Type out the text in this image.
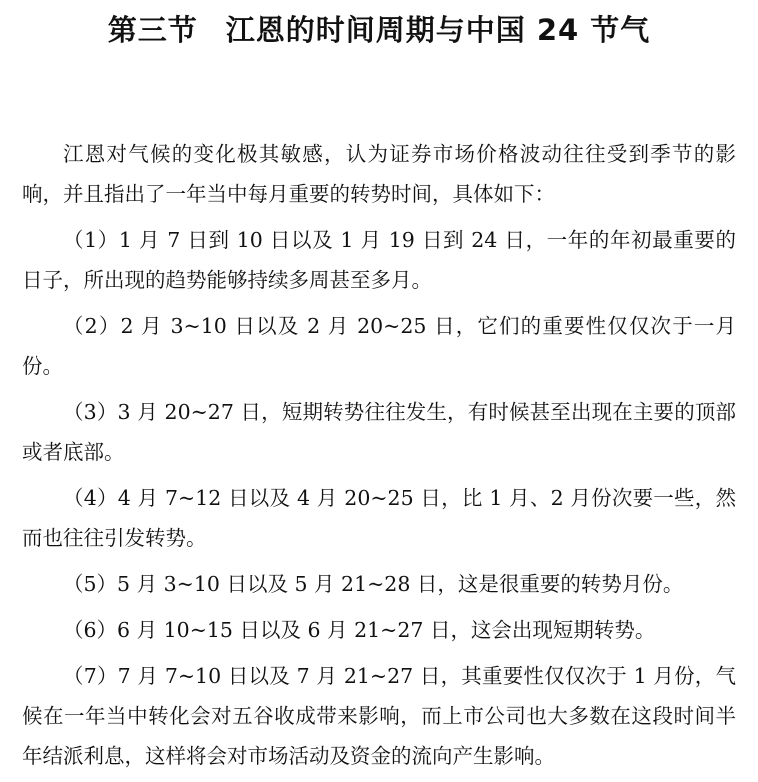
第三节 江恩的时间周期与中国 24 节气

江恩对气候的变化极其敏感，认为证券市场价格波动往往受到季节的影响，并且指出了一年当中每月重要的转势时间，具体如下：

（1）1 月 7 日到 10 日以及 1 月 19 日到 24 日，一年的年初最重要的日子，所出现的趋势能够持续多周甚至多月。

（2）2 月 3~10 日以及 2 月 20~25 日，它们的重要性仅仅次于一月份。

（3）3 月 20~27 日，短期转势往往发生，有时候甚至出现在主要的顶部或者底部。

（4）4 月 7~12 日以及 4 月 20~25 日，比 1 月、2 月份次要一些，然而也往往引发转势。

（5）5 月 3~10 日以及 5 月 21~28 日，这是很重要的转势月份。

（6）6 月 10~15 日以及 6 月 21~27 日，这会出现短期转势。

（7）7 月 7~10 日以及 7 月 21~27 日，其重要性仅仅次于 1 月份，气候在一年当中转化会对五谷收成带来影响，而上市公司也大多数在这段时间半年结派利息，这样将会对市场活动及资金的流向产生影响。
